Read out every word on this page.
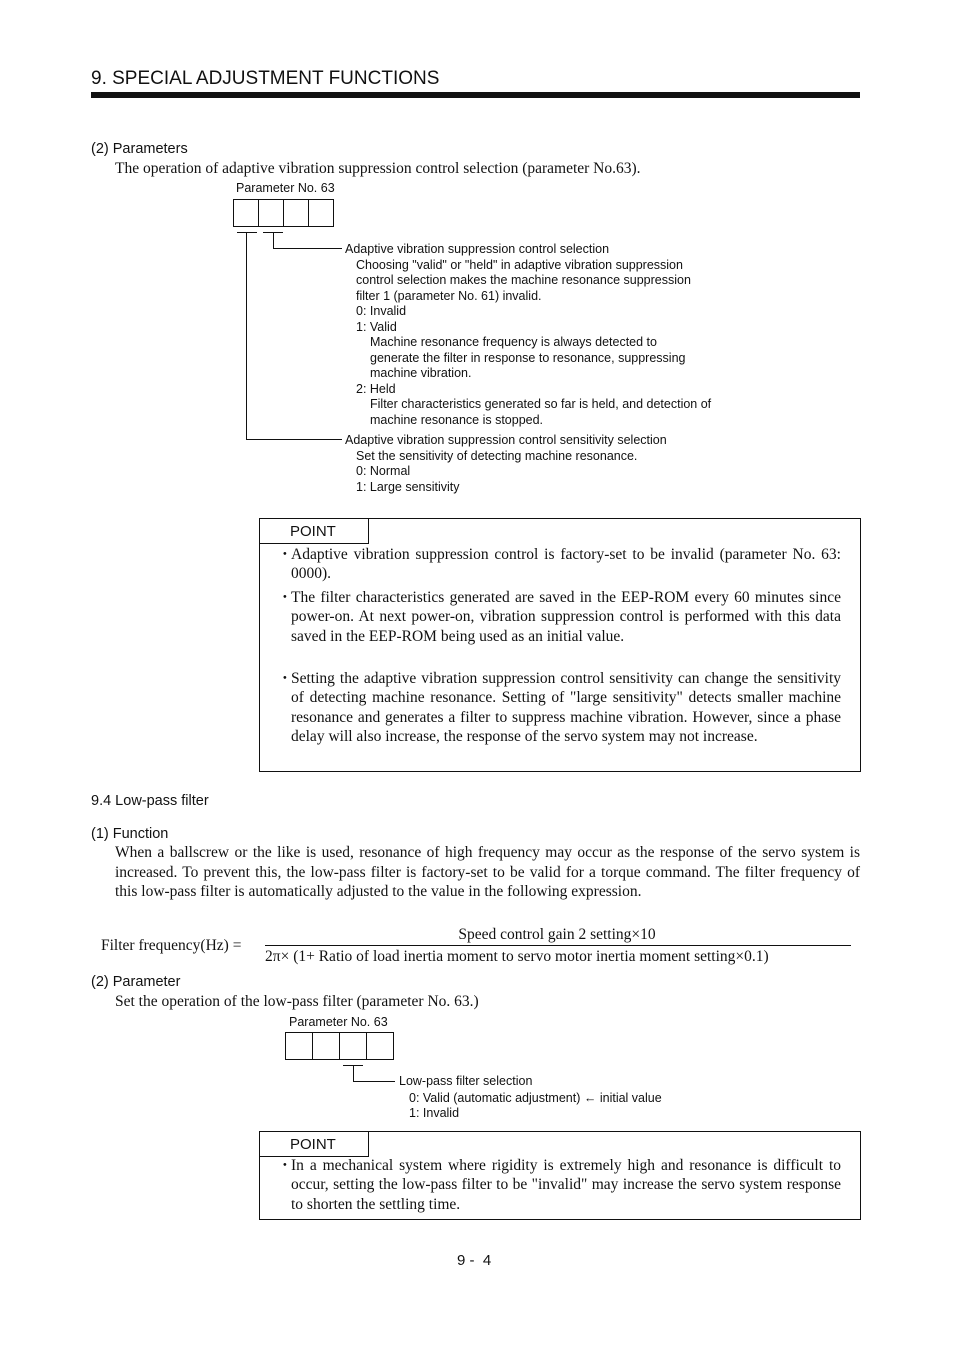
9. SPECIAL ADJUSTMENT FUNCTIONS
(2) Parameters
The operation of adaptive vibration suppression control selection (parameter No.63).
Parameter No. 63
Adaptive vibration suppression control selection
Choosing "valid" or "held" in adaptive vibration suppression
control selection makes the machine resonance suppression
filter 1 (parameter No. 61) invalid.
0: Invalid
1: Valid
Machine resonance frequency is always detected to
generate the filter in response to resonance, suppressing
machine vibration.
2: Held
Filter characteristics generated so far is held, and detection of
machine resonance is stopped.
Adaptive vibration suppression control sensitivity selection
Set the sensitivity of detecting machine resonance.
0: Normal
1: Large sensitivity
POINT
･ Adaptive vibration suppression control is factory-set to be invalid (parameter No. 63: 0000).
･ The filter characteristics generated are saved in the EEP-ROM every 60 minutes since power-on. At next power-on, vibration suppression control is performed with this data saved in the EEP-ROM being used as an initial value.
･ Setting the adaptive vibration suppression control sensitivity can change the sensitivity of detecting machine resonance. Setting of "large sensitivity" detects smaller machine resonance and generates a filter to suppress machine vibration. However, since a phase delay will also increase, the response of the servo system may not increase.
9.4 Low-pass filter
(1) Function
When a ballscrew or the like is used, resonance of high frequency may occur as the response of the servo system is increased. To prevent this, the low-pass filter is factory-set to be valid for a torque command. The filter frequency of this low-pass filter is automatically adjusted to the value in the following expression.
Filter frequency(Hz) =
Speed control gain 2 setting×10
2π× (1+ Ratio of load inertia moment to servo motor inertia moment setting×0.1)
(2) Parameter
Set the operation of the low-pass filter (parameter No. 63.)
Parameter No. 63
Low-pass filter selection
0: Valid (automatic adjustment) ← initial value
1: Invalid
POINT
･ In a mechanical system where rigidity is extremely high and resonance is difficult to occur, setting the low-pass filter to be "invalid" may increase the servo system response to shorten the settling time.
9 -  4
